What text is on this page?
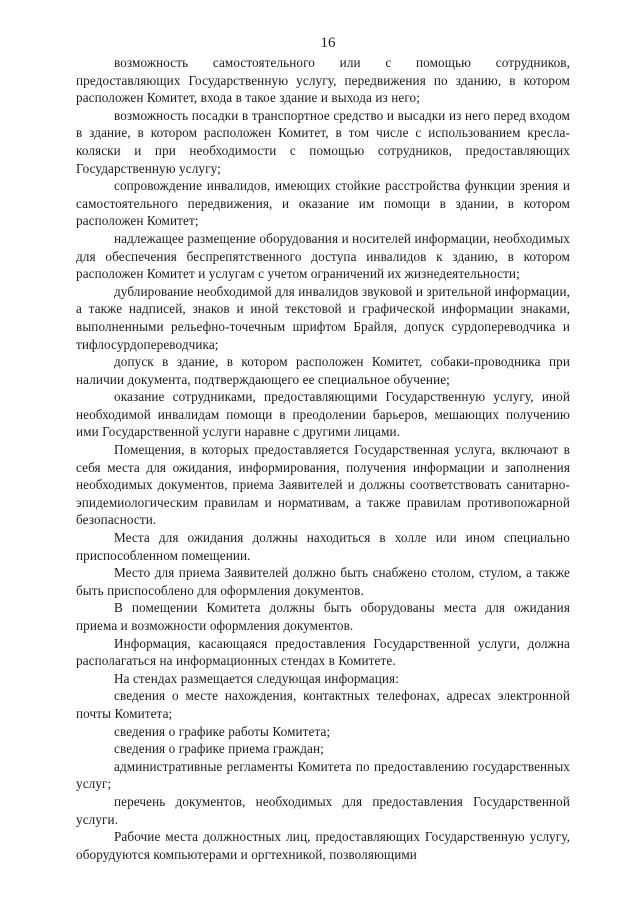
16

возможность самостоятельного или с помощью сотрудников, предоставляющих Государственную услугу, передвижения по зданию, в котором расположен Комитет, входа в такое здание и выхода из него;

возможность посадки в транспортное средство и высадки из него перед входом в здание, в котором расположен Комитет, в том числе с использованием кресла-коляски и при необходимости с помощью сотрудников, предоставляющих Государственную услугу;

сопровождение инвалидов, имеющих стойкие расстройства функции зрения и самостоятельного передвижения, и оказание им помощи в здании, в котором расположен Комитет;

надлежащее размещение оборудования и носителей информации, необходимых для обеспечения беспрепятственного доступа инвалидов к зданию, в котором расположен Комитет и услугам с учетом ограничений их жизнедеятельности;

дублирование необходимой для инвалидов звуковой и зрительной информации, а также надписей, знаков и иной текстовой и графической информации знаками, выполненными рельефно-точечным шрифтом Брайля, допуск сурдопереводчика и тифлосурдопереводчика;

допуск в здание, в котором расположен Комитет, собаки-проводника при наличии документа, подтверждающего ее специальное обучение;

оказание сотрудниками, предоставляющими Государственную услугу, иной необходимой инвалидам помощи в преодолении барьеров, мешающих получению ими Государственной услуги наравне с другими лицами.

Помещения, в которых предоставляется Государственная услуга, включают в себя места для ожидания, информирования, получения информации и заполнения необходимых документов, приема Заявителей и должны соответствовать санитарно-эпидемиологическим правилам и нормативам, а также правилам противопожарной безопасности.

Места для ожидания должны находиться в холле или ином специально приспособленном помещении.

Место для приема Заявителей должно быть снабжено столом, стулом, а также быть приспособлено для оформления документов.

В помещении Комитета должны быть оборудованы места для ожидания приема и возможности оформления документов.

Информация, касающаяся предоставления Государственной услуги, должна располагаться на информационных стендах в Комитете.

На стендах размещается следующая информация:

сведения о месте нахождения, контактных телефонах, адресах электронной почты Комитета;

сведения о графике работы Комитета;

сведения о графике приема граждан;

административные регламенты Комитета по предоставлению государственных услуг;

перечень документов, необходимых для предоставления Государственной услуги.

Рабочие места должностных лиц, предоставляющих Государственную услугу, оборудуются компьютерами и оргтехникой, позволяющими
